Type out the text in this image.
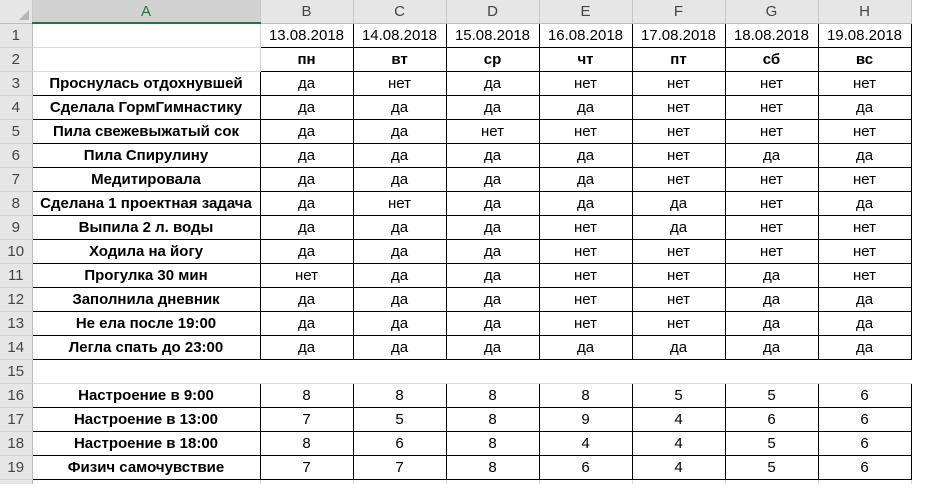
	A	B	C	D	E	F	G	H
1		13.08.2018	14.08.2018	15.08.2018	16.08.2018	17.08.2018	18.08.2018	19.08.2018
2		пн	вт	ср	чт	пт	сб	вс
3	Проснулась отдохнувшей	да	нет	да	нет	нет	нет	нет
4	Сделала ГормГимнастику	да	да	да	да	нет	нет	да
5	Пила свежевыжатый сок	да	да	нет	нет	нет	нет	нет
6	Пила Спирулину	да	да	да	да	нет	да	да
7	Медитировала	да	да	да	да	нет	нет	нет
8	Сделана 1 проектная задача	да	нет	да	да	да	нет	да
9	Выпила 2 л. воды	да	да	да	нет	да	нет	нет
10	Ходила на йогу	да	да	да	нет	нет	нет	нет
11	Прогулка 30 мин	нет	да	да	нет	нет	да	нет
12	Заполнила дневник	да	да	да	нет	нет	да	да
13	Не ела после 19:00	да	да	да	нет	нет	да	да
14	Легла спать до 23:00	да	да	да	да	да	да	да
15								
16	Настроение в 9:00	8	8	8	8	5	5	6
17	Настроение в 13:00	7	5	8	9	4	6	6
18	Настроение в 18:00	8	6	8	4	4	5	6
19	Физич самочувствие	7	7	8	6	4	5	6
